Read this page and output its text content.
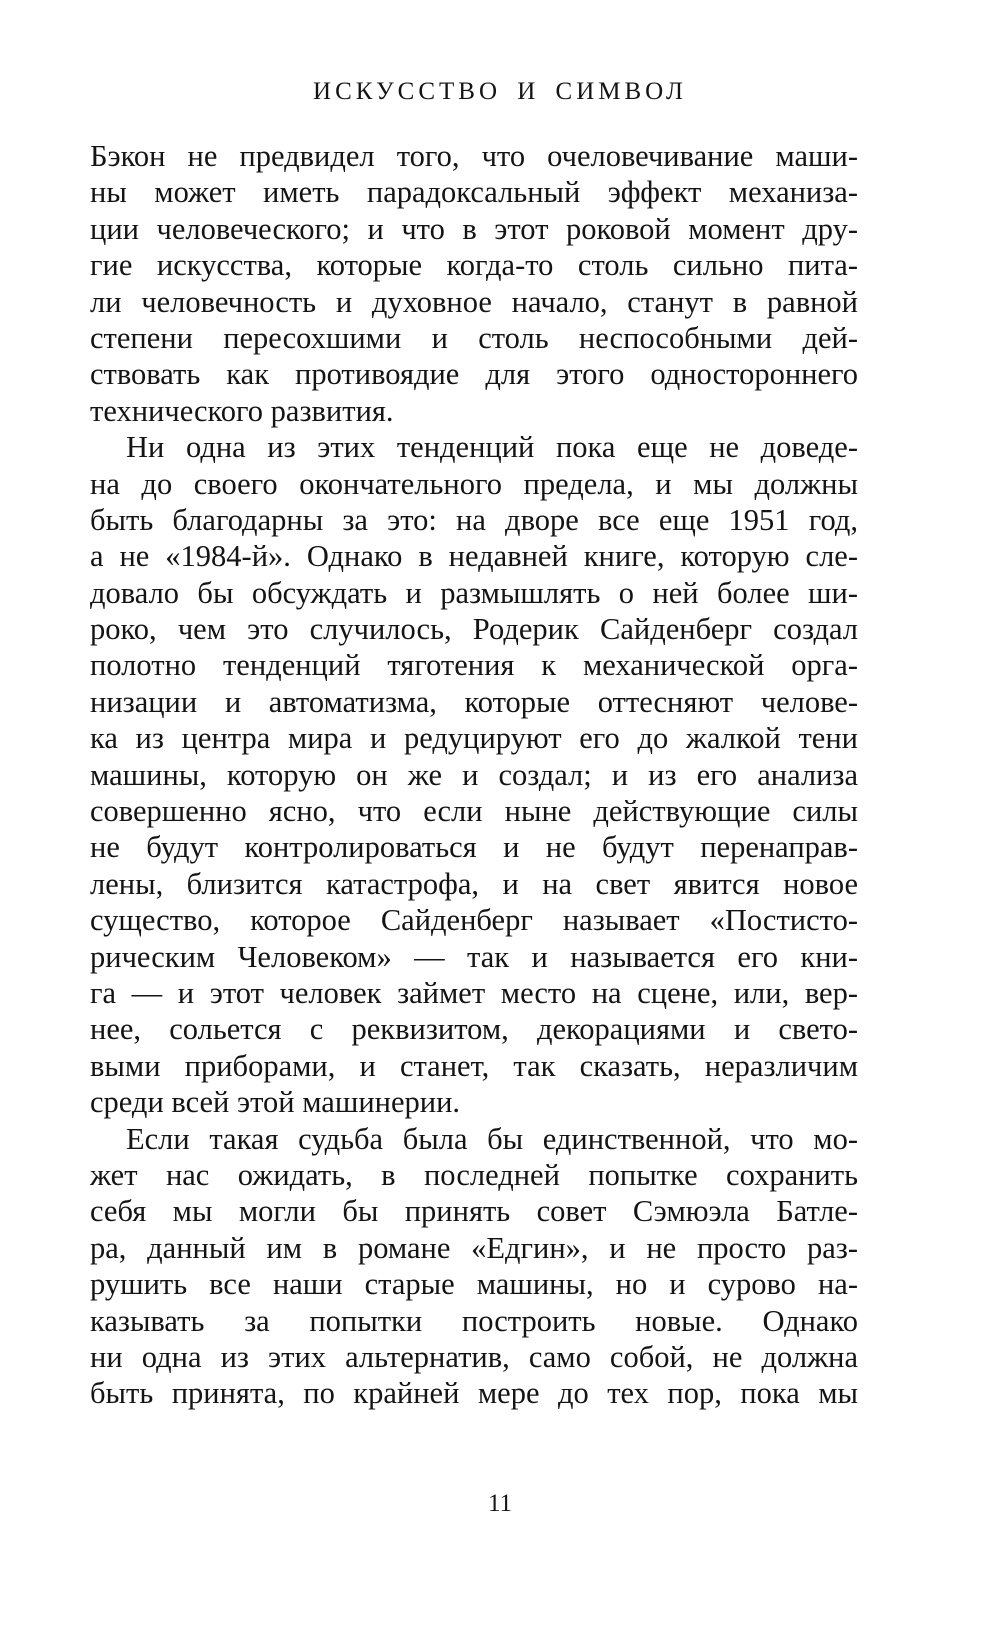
ИСКУССТВО И СИМВОЛ
Бэкон не предвидел того, что очеловечивание маши-
ны может иметь парадоксальный эффект механиза-
ции человеческого; и что в этот роковой момент дру-
гие искусства, которые когда-то столь сильно пита-
ли человечность и духовное начало, станут в равной
степени пересохшими и столь неспособными дей-
ствовать как противоядие для этого одностороннего
технического развития.
Ни одна из этих тенденций пока еще не доведе-
на до своего окончательного предела, и мы должны
быть благодарны за это: на дворе все еще 1951 год,
а не «1984-й». Однако в недавней книге, которую сле-
довало бы обсуждать и размышлять о ней более ши-
роко, чем это случилось, Родерик Сайденберг создал
полотно тенденций тяготения к механической орга-
низации и автоматизма, которые оттесняют челове-
ка из центра мира и редуцируют его до жалкой тени
машины, которую он же и создал; и из его анализа
совершенно ясно, что если ныне действующие силы
не будут контролироваться и не будут перенаправ-
лены, близится катастрофа, и на свет явится новое
существо, которое Сайденберг называет «Постисто-
рическим Человеком» — так и называется его кни-
га — и этот человек займет место на сцене, или, вер-
нее, сольется с реквизитом, декорациями и свето-
выми приборами, и станет, так сказать, неразличим
среди всей этой машинерии.
Если такая судьба была бы единственной, что мо-
жет нас ожидать, в последней попытке сохранить
себя мы могли бы принять совет Сэмюэла Батле-
ра, данный им в романе «Едгин», и не просто раз-
рушить все наши старые машины, но и сурово на-
казывать за попытки построить новые. Однако
ни одна из этих альтернатив, само собой, не должна
быть принята, по крайней мере до тех пор, пока мы
11
